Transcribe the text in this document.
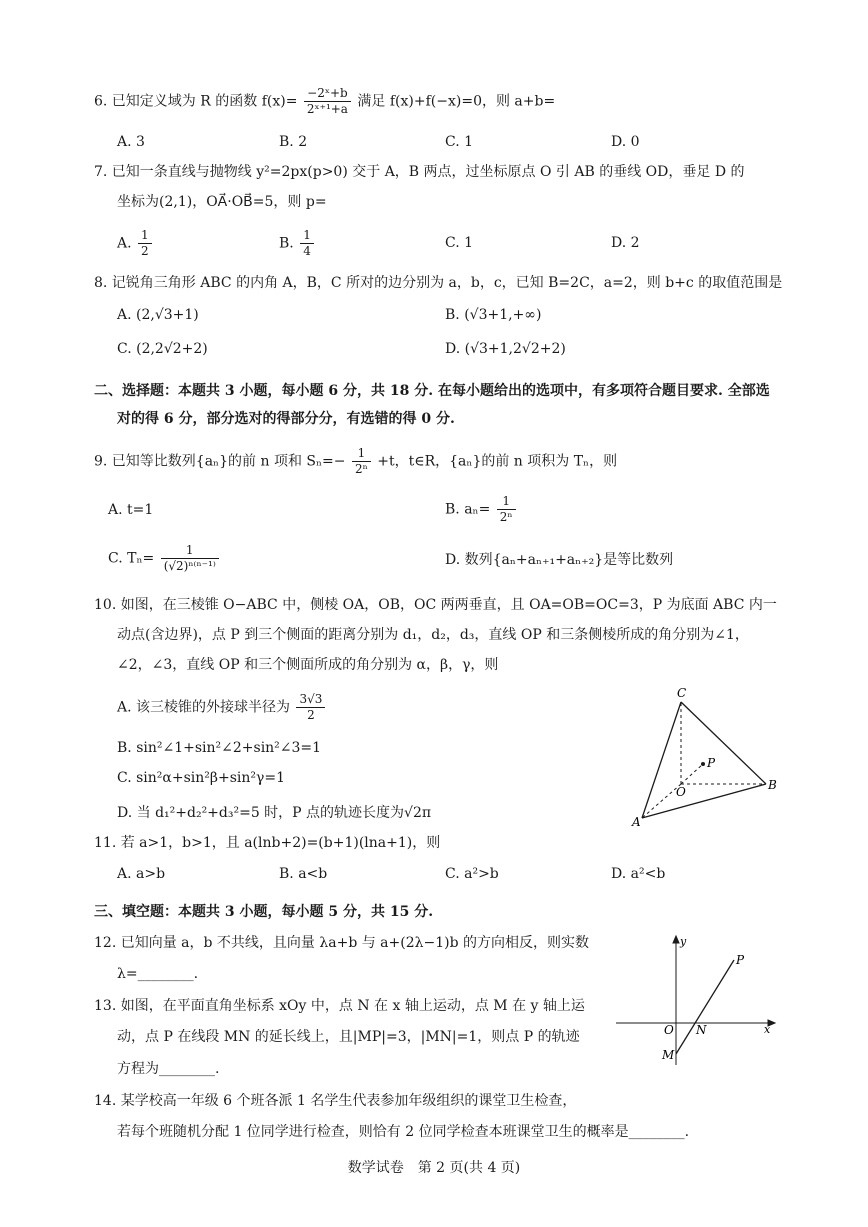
6. 已知定义域为 R 的函数 $f(x)= \frac{\text{−2ˣ+b}}{\text{2ˣ⁺¹+a}}$ 满足 f(x)+f(−x)=0，则 a+b=
A. 3	B. 2	C. 1	D. 0
7. 已知一条直线与抛物线 y²=2px(p>0) 交于 A，B 两点，过坐标原点 O 引 AB 的垂线 OD，垂足 D 的
坐标为(2,1)，OA⃗·OB⃗=5，则 p=
A. $\frac{1}{2}$	B. $\frac{1}{4}$	C. 1	D. 2
8. 记锐角三角形 ABC 的内角 A，B，C 所对的边分别为 a，b，c，已知 B=2C，a=2，则 b+c 的取值范围是
A. (2,√3+1)	B. (√3+1,+∞)
C. (2,2√2+2)	D. (√3+1,2√2+2)
二、选择题：本题共 3 小题，每小题 6 分，共 18 分. 在每小题给出的选项中，有多项符合题目要求. 全部选
对的得 6 分，部分选对的得部分分，有选错的得 0 分.
9. 已知等比数列{aₙ}的前 n 项和 $S_n=- \frac{1}{\text{2ⁿ}} +t$，t∈R，{aₙ}的前 n 项积为 Tₙ，则
A. t=1	B. $a_n= \frac{1}{\text{2ⁿ}}$
C. $T_n= \frac{1}{\text{(√2)ⁿ⁽ⁿ⁻¹⁾}}$	D. 数列{aₙ+aₙ₊₁+aₙ₊₂}是等比数列
10. 如图，在三棱锥 O−ABC 中，侧棱 OA，OB，OC 两两垂直，且 OA=OB=OC=3，P 为底面 ABC 内一
动点(含边界)，点 P 到三个侧面的距离分别为 d₁，d₂，d₃，直线 OP 和三条侧棱所成的角分别为∠1，
∠2，∠3，直线 OP 和三个侧面所成的角分别为 α，β，γ，则
A. 该三棱锥的外接球半径为 $\frac{3√3}{2}$
B. sin²∠1+sin²∠2+sin²∠3=1
C. sin²α+sin²β+sin²γ=1
D. 当 d₁²+d₂²+d₃²=5 时，P 点的轨迹长度为√2π
C
P
O	B
A
11. 若 a>1，b>1，且 a(lnb+2)=(b+1)(lna+1)，则
A. a>b	B. a<b	C. a²>b	D. a²<b
三、填空题：本题共 3 小题，每小题 5 分，共 15 分.
12. 已知向量 a，b 不共线，且向量 λa+b 与 a+(2λ−1)b 的方向相反，则实数
λ=________.
13. 如图，在平面直角坐标系 xOy 中，点 N 在 x 轴上运动，点 M 在 y 轴上运
动，点 P 在线段 MN 的延长线上，且|MP|=3，|MN|=1，则点 P 的轨迹
方程为________.
y
P
O N	x
M
14. 某学校高一年级 6 个班各派 1 名学生代表参加年级组织的课堂卫生检查，
若每个班随机分配 1 位同学进行检查，则恰有 2 位同学检查本班课堂卫生的概率是________.
数学试卷　第 2 页(共 4 页)
